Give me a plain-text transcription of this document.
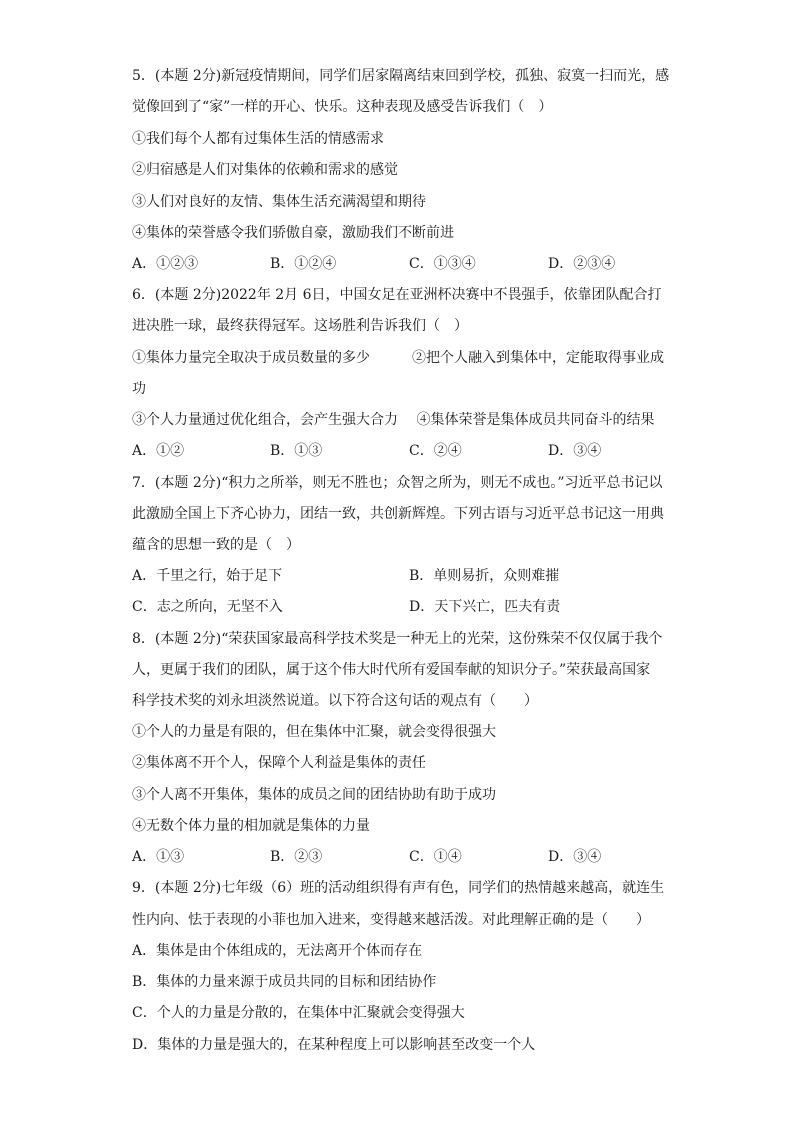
5．(本题 2分)新冠疫情期间，同学们居家隔离结束回到学校，孤独、寂寞一扫而光，感
觉像回到了“家”一样的开心、快乐。这种表现及感受告诉我们（　）
①我们每个人都有过集体生活的情感需求
②归宿感是人们对集体的依赖和需求的感觉
③人们对良好的友情、集体生活充满渴望和期待
④集体的荣誉感令我们骄傲自豪，激励我们不断前进
A．①②③	B．①②④	C．①③④	D．②③④
6．(本题 2分)2022年 2月 6日，中国女足在亚洲杯决赛中不畏强手，依靠团队配合打
进决胜一球，最终获得冠军。这场胜利告诉我们（　）
①集体力量完全取决于成员数量的多少　　　②把个人融入到集体中，定能取得事业成
功
③个人力量通过优化组合，会产生强大合力　 ④集体荣誉是集体成员共同奋斗的结果
A．①②	B．①③	C．②④	D．③④
7．(本题 2分)“积力之所举，则无不胜也；众智之所为，则无不成也。”习近平总书记以
此激励全国上下齐心协力，团结一致，共创新辉煌。下列古语与习近平总书记这一用典
蕴含的思想一致的是（　）
A．千里之行，始于足下	B．单则易折，众则难摧
C．志之所向，无坚不入	D．天下兴亡，匹夫有责
8．(本题 2分)“荣获国家最高科学技术奖是一种无上的光荣，这份殊荣不仅仅属于我个
人，更属于我们的团队，属于这个伟大时代所有爱国奉献的知识分子。”荣获最高国家
科学技术奖的刘永坦淡然说道。以下符合这句话的观点有（　　）
①个人的力量是有限的，但在集体中汇聚，就会变得很强大
②集体离不开个人，保障个人利益是集体的责任
③个人离不开集体，集体的成员之间的团结协助有助于成功
④无数个体力量的相加就是集体的力量
A．①③	B．②③	C．①④	D．③④
9．(本题 2分)七年级（6）班的活动组织得有声有色，同学们的热情越来越高，就连生
性内向、怯于表现的小菲也加入进来，变得越来越活泼。对此理解正确的是（　　）
A．集体是由个体组成的，无法离开个体而存在
B．集体的力量来源于成员共同的目标和团结协作
C．个人的力量是分散的，在集体中汇聚就会变得强大
D．集体的力量是强大的，在某种程度上可以影响甚至改变一个人
